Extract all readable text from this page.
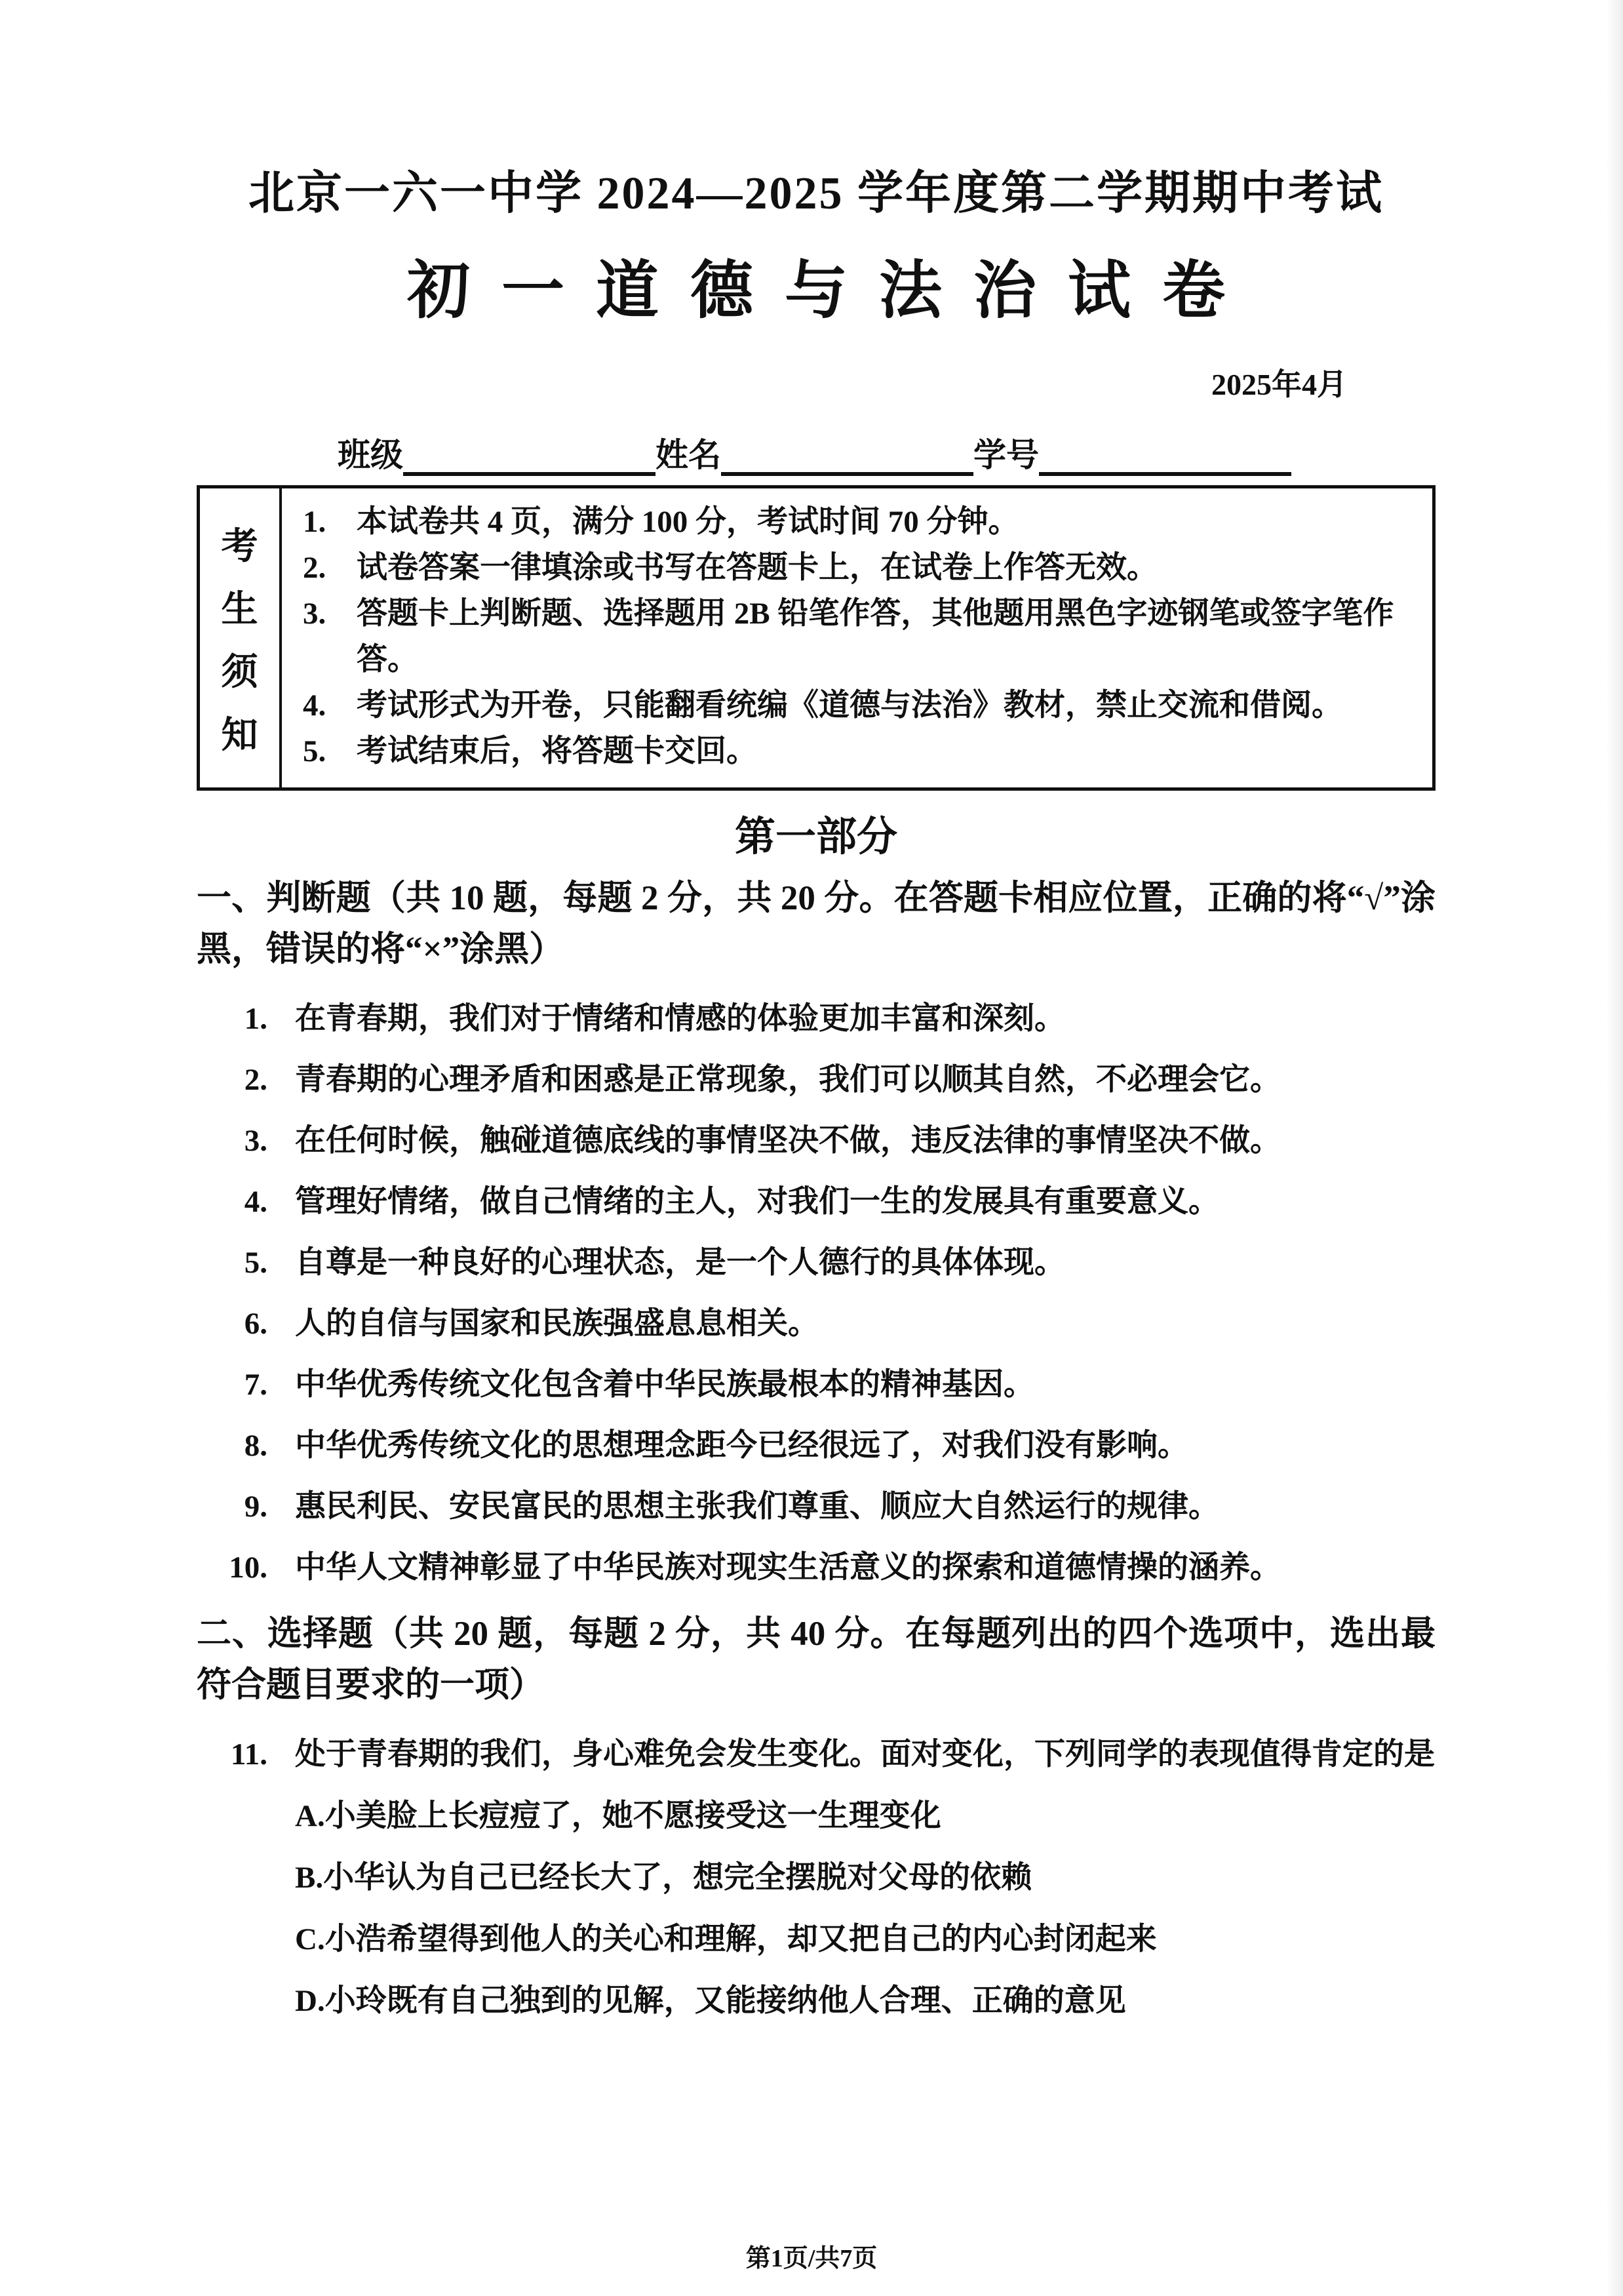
北京一六一中学 2024—2025 学年度第二学期期中考试
初一道德与法治试卷
2025年4月
班级	姓名	学号
考
生
须
知
1. 本试卷共 4 页，满分 100 分，考试时间 70 分钟。
2. 试卷答案一律填涂或书写在答题卡上，在试卷上作答无效。
3. 答题卡上判断题、选择题用 2B 铅笔作答，其他题用黑色字迹钢笔或签字笔作答。
4. 考试形式为开卷，只能翻看统编《道德与法治》教材，禁止交流和借阅。
5. 考试结束后，将答题卡交回。
第一部分
一、判断题（共 10 题，每题 2 分，共 20 分。在答题卡相应位置，正确的将“√”涂黑，错误的将“×”涂黑）
1. 在青春期，我们对于情绪和情感的体验更加丰富和深刻。
2. 青春期的心理矛盾和困惑是正常现象，我们可以顺其自然，不必理会它。
3. 在任何时候，触碰道德底线的事情坚决不做，违反法律的事情坚决不做。
4. 管理好情绪，做自己情绪的主人，对我们一生的发展具有重要意义。
5. 自尊是一种良好的心理状态，是一个人德行的具体体现。
6. 人的自信与国家和民族强盛息息相关。
7. 中华优秀传统文化包含着中华民族最根本的精神基因。
8. 中华优秀传统文化的思想理念距今已经很远了，对我们没有影响。
9. 惠民利民、安民富民的思想主张我们尊重、顺应大自然运行的规律。
10. 中华人文精神彰显了中华民族对现实生活意义的探索和道德情操的涵养。
二、选择题（共 20 题，每题 2 分，共 40 分。在每题列出的四个选项中，选出最符合题目要求的一项）
11. 处于青春期的我们，身心难免会发生变化。面对变化，下列同学的表现值得肯定的是
A.小美脸上长痘痘了，她不愿接受这一生理变化
B.小华认为自己已经长大了，想完全摆脱对父母的依赖
C.小浩希望得到他人的关心和理解，却又把自己的内心封闭起来
D.小玲既有自己独到的见解，又能接纳他人合理、正确的意见
第1页/共7页
